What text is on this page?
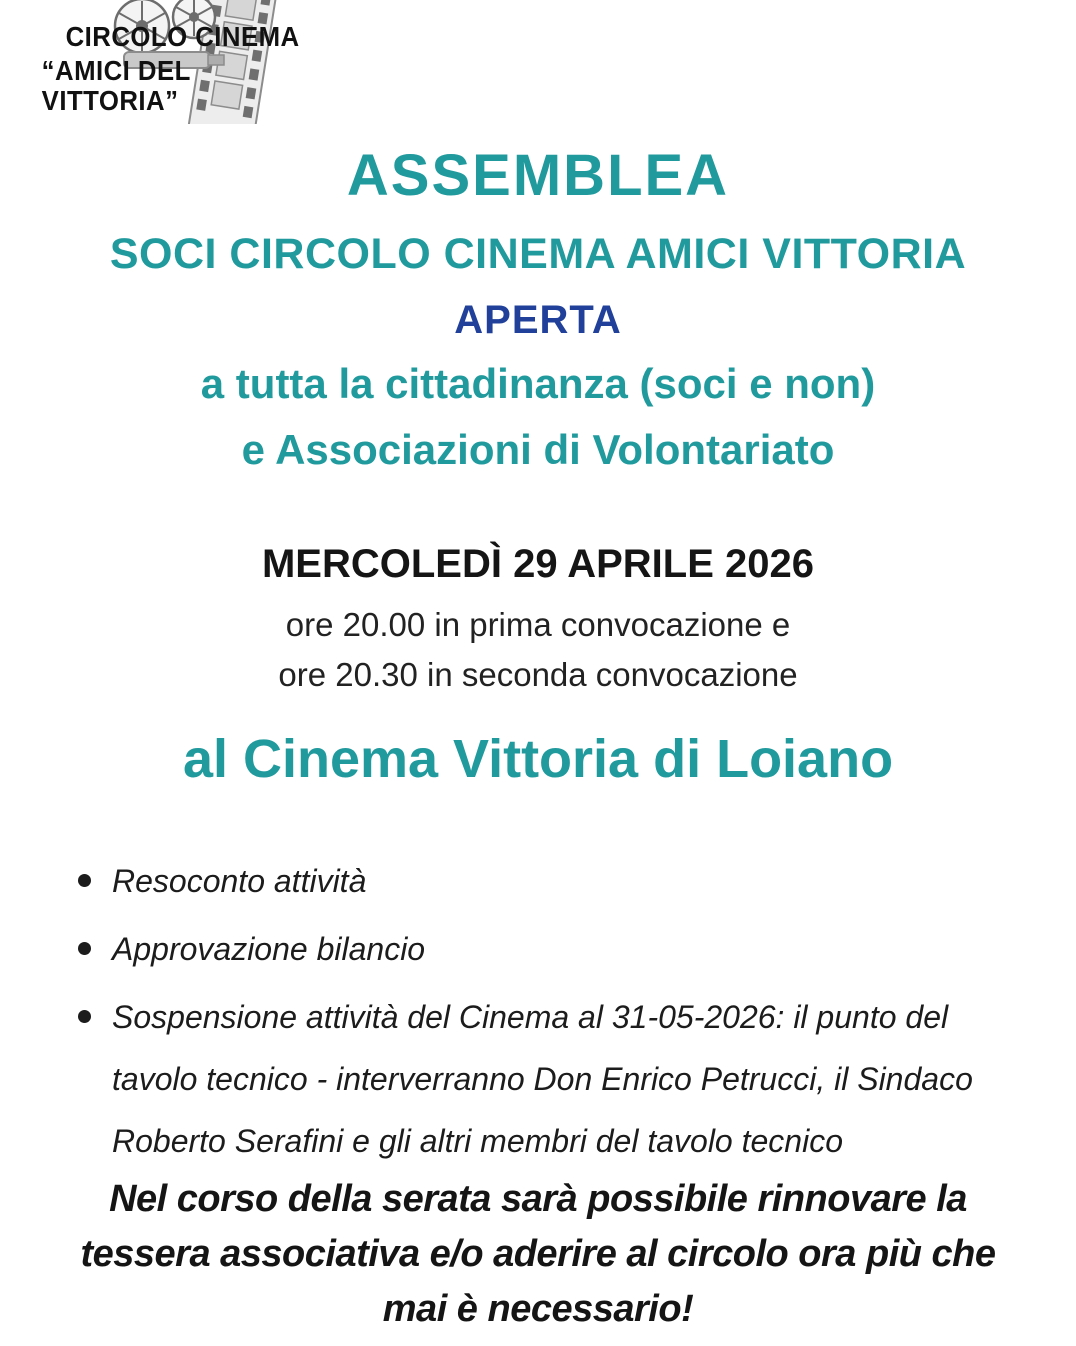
CIRCOLO CINEMA
“AMICI DEL VITTORIA”
ASSEMBLEA
SOCI CIRCOLO CINEMA AMICI VITTORIA
APERTA
a tutta la cittadinanza (soci e non)
e Associazioni di Volontariato
MERCOLEDÌ 29 APRILE 2026
ore 20.00 in prima convocazione e
ore 20.30 in seconda convocazione
al Cinema Vittoria di Loiano
Resoconto attività
Approvazione bilancio
Sospensione attività del Cinema al 31-05-2026: il punto del tavolo tecnico - interverranno Don Enrico Petrucci, il Sindaco Roberto Serafini e gli altri membri del tavolo tecnico
Nel corso della serata sarà possibile rinnovare la
tessera associativa e/o aderire al circolo ora più che
mai è necessario!
